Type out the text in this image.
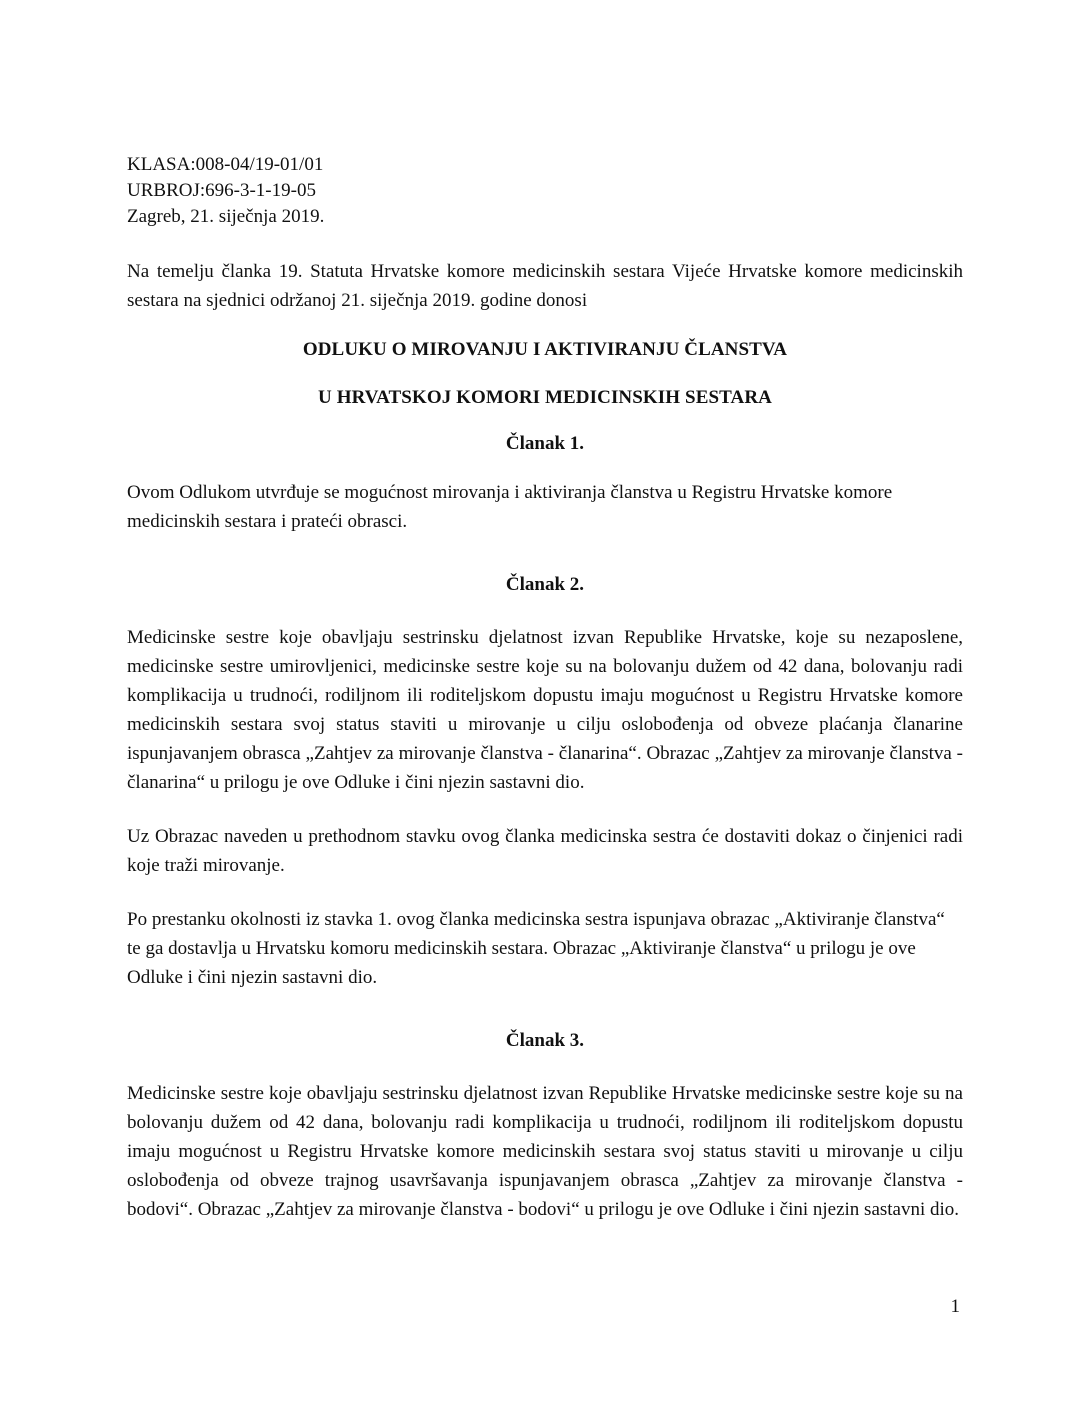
KLASA:008-04/19-01/01

URBROJ:696-3-1-19-05

Zagreb, 21. siječnja 2019.

Na temelju članka 19. Statuta Hrvatske komore medicinskih sestara Vijeće Hrvatske komore medicinskih sestara na sjednici održanoj 21. siječnja 2019. godine donosi

ODLUKU O MIROVANJU I AKTIVIRANJU ČLANSTVA

U HRVATSKOJ KOMORI MEDICINSKIH SESTARA

Članak 1.

Ovom Odlukom utvrđuje se mogućnost mirovanja i aktiviranja članstva u Registru Hrvatske komore medicinskih sestara i prateći obrasci.

Članak 2.

Medicinske sestre koje obavljaju sestrinsku djelatnost izvan Republike Hrvatske, koje su nezaposlene, medicinske sestre umirovljenici, medicinske sestre koje su na bolovanju dužem od 42 dana, bolovanju radi komplikacija u trudnoći, rodiljnom ili roditeljskom dopustu imaju mogućnost u Registru Hrvatske komore medicinskih sestara svoj status staviti u mirovanje u cilju oslobođenja od obveze plaćanja članarine ispunjavanjem obrasca „Zahtjev za mirovanje članstva - članarina“. Obrazac „Zahtjev za mirovanje članstva - članarina“ u prilogu je ove Odluke i čini njezin sastavni dio.

Uz Obrazac naveden u prethodnom stavku ovog članka medicinska sestra će dostaviti dokaz o činjenici radi koje traži mirovanje.

Po prestanku okolnosti iz stavka 1. ovog članka medicinska sestra ispunjava obrazac „Aktiviranje članstva“ te ga dostavlja u Hrvatsku komoru medicinskih sestara. Obrazac „Aktiviranje članstva“ u prilogu je ove Odluke i čini njezin sastavni dio.

Članak 3.

Medicinske sestre koje obavljaju sestrinsku djelatnost izvan Republike Hrvatske medicinske sestre koje su na bolovanju dužem od 42 dana, bolovanju radi komplikacija u trudnoći, rodiljnom ili roditeljskom dopustu imaju mogućnost u Registru Hrvatske komore medicinskih sestara svoj status staviti u mirovanje u cilju oslobođenja od obveze trajnog usavršavanja ispunjavanjem obrasca „Zahtjev za mirovanje članstva - bodovi“. Obrazac „Zahtjev za mirovanje članstva - bodovi“ u prilogu je ove Odluke i čini njezin sastavni dio.

1
